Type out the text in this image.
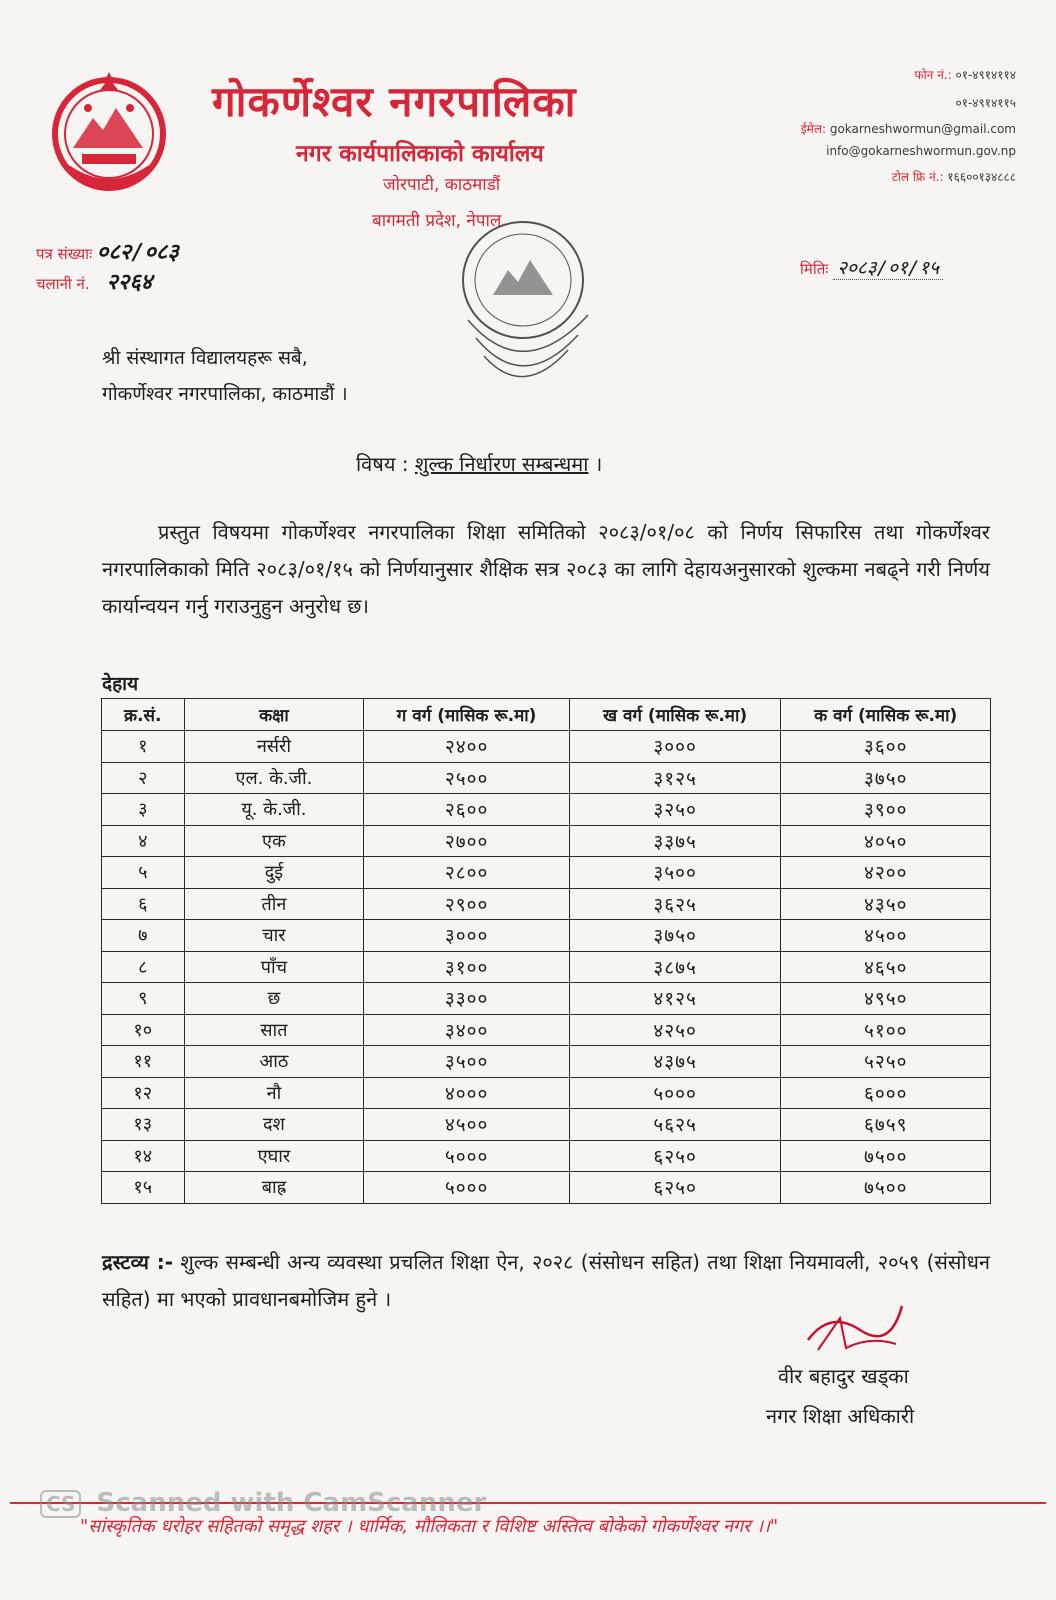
गोकर्णेश्वर नगरपालिका
नगर कार्यपालिकाको कार्यालय
जोरपाटी, काठमाडौं
बागमती प्रदेश, नेपाल
फोन नं.: ०१-४९१४११४
०१-४९१४११५
ईमेल: gokarneshwormun@gmail.com
info@gokarneshwormun.gov.np
टोल फ्रि नं.: १६६००१३४८८८
पत्र संख्याः ०८२/०८३
चलानी नं. २२६४
मितिः २०८३/०१/१५
श्री संस्थागत विद्यालयहरू सबै,
गोकर्णेश्वर नगरपालिका, काठमाडौं ।
विषय : शुल्क निर्धारण सम्बन्धमा ।
प्रस्तुत विषयमा गोकर्णेश्वर नगरपालिका शिक्षा समितिको २०८३/०१/०८ को निर्णय सिफारिस तथा गोकर्णेश्वर नगरपालिकाको मिति २०८३/०१/१५ को निर्णयानुसार शैक्षिक सत्र २०८३ का लागि देहायअनुसारको शुल्कमा नबढ्ने गरी निर्णय कार्यान्वयन गर्नु गराउनुहुन अनुरोध छ।
देहाय
क्र.सं.	कक्षा	ग वर्ग (मासिक रू.मा)	ख वर्ग (मासिक रू.मा)	क वर्ग (मासिक रू.मा)
१	नर्सरी	२४००	३०००	३६००
२	एल. के.जी.	२५००	३१२५	३७५०
३	यू. के.जी.	२६००	३२५०	३९००
४	एक	२७००	३३७५	४०५०
५	दुई	२८००	३५००	४२००
६	तीन	२९००	३६२५	४३५०
७	चार	३०००	३७५०	४५००
८	पाँच	३१००	३८७५	४६५०
९	छ	३३००	४१२५	४९५०
१०	सात	३४००	४२५०	५१००
११	आठ	३५००	४३७५	५२५०
१२	नौ	४०००	५०००	६०००
१३	दश	४५००	५६२५	६७५९
१४	एघार	५०००	६२५०	७५००
१५	बाह्र	५०००	६२५०	७५००
द्रस्टव्य :- शुल्क सम्बन्धी अन्य व्यवस्था प्रचलित शिक्षा ऐन, २०२८ (संसोधन सहित) तथा शिक्षा नियमावली, २०५९ (संसोधन सहित) मा भएको प्रावधानबमोजिम हुने ।
वीर बहादुर खड्का
नगर शिक्षा अधिकारी
CS Scanned with CamScanner
"सांस्कृतिक धरोहर सहितको समृद्ध शहर । धार्मिक, मौलिकता र विशिष्ट अस्तित्व बोकेको गोकर्णेश्वर नगर ।।"
